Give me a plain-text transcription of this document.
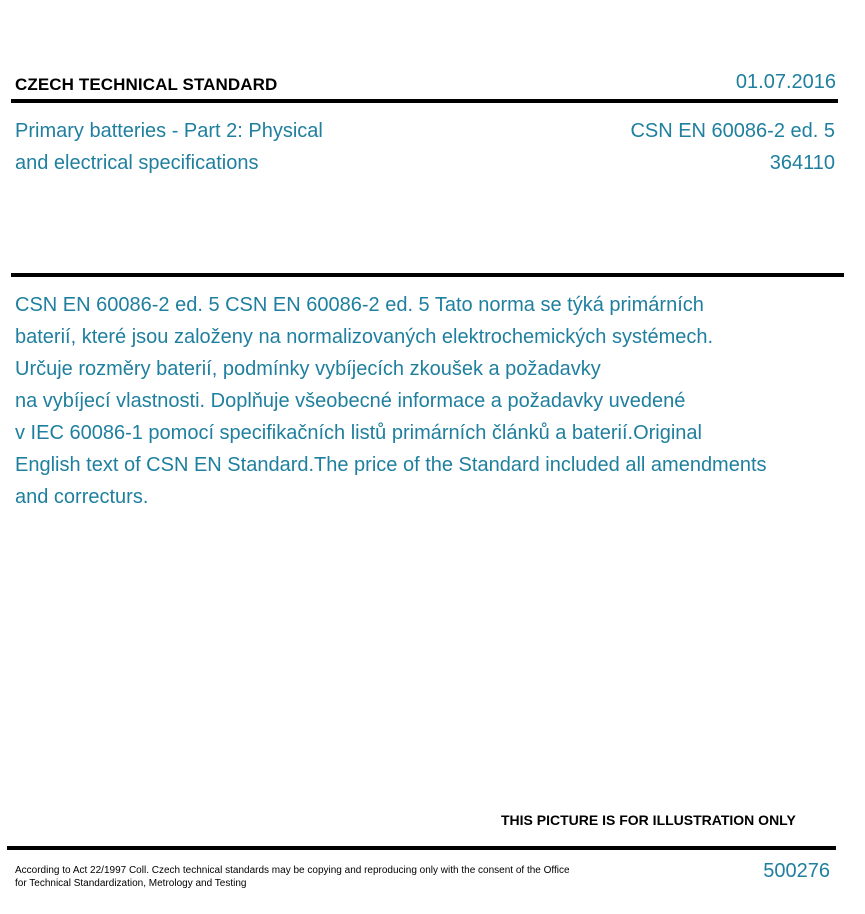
CZECH TECHNICAL STANDARD	01.07.2016
Primary batteries - Part 2: Physical
and electrical specifications
CSN EN 60086-2 ed. 5
364110
CSN EN 60086-2 ed. 5 CSN EN 60086-2 ed. 5 Tato norma se týká primárních
baterií, které jsou založeny na normalizovaných elektrochemických systémech.
Určuje rozměry baterií, podmínky vybíjecích zkoušek a požadavky
na vybíjecí vlastnosti. Doplňuje všeobecné informace a požadavky uvedené
v IEC 60086-1 pomocí specifikačních listů primárních článků a baterií.Original
English text of CSN EN Standard.The price of the Standard included all amendments
and correcturs.
THIS PICTURE IS FOR ILLUSTRATION ONLY
According to Act 22/1997 Coll. Czech technical standards may be copying and reproducing only with the consent of the Office
for Technical Standardization, Metrology and Testing
500276
